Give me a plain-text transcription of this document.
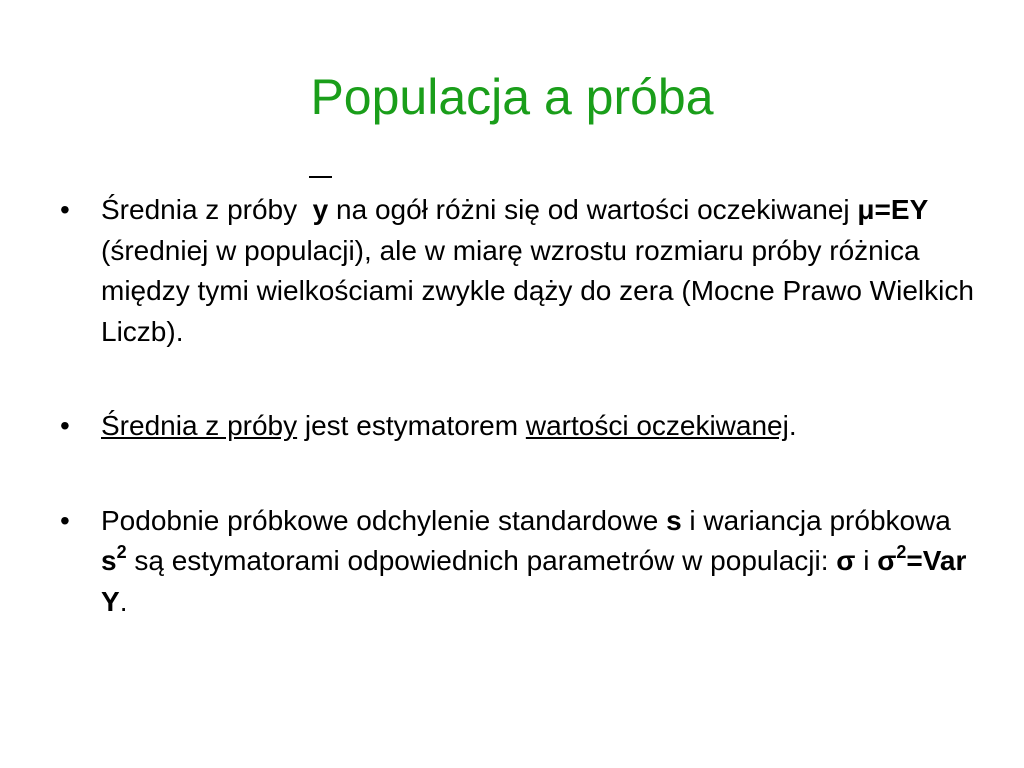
Populacja a próba
• Średnia z próby y na ogół różni się od wartości oczekiwanej μ=EY (średniej w populacji), ale w miarę wzrostu rozmiaru próby różnica między tymi wielkościami zwykle dąży do zera (Mocne Prawo Wielkich Liczb).
• Średnia z próby jest estymatorem wartości oczekiwanej.
• Podobnie próbkowe odchylenie standardowe s i wariancja próbkowa $s^2$ są estymatorami odpowiednich parametrów w populacji: σ i $\sigma^2=Var$ Y.
